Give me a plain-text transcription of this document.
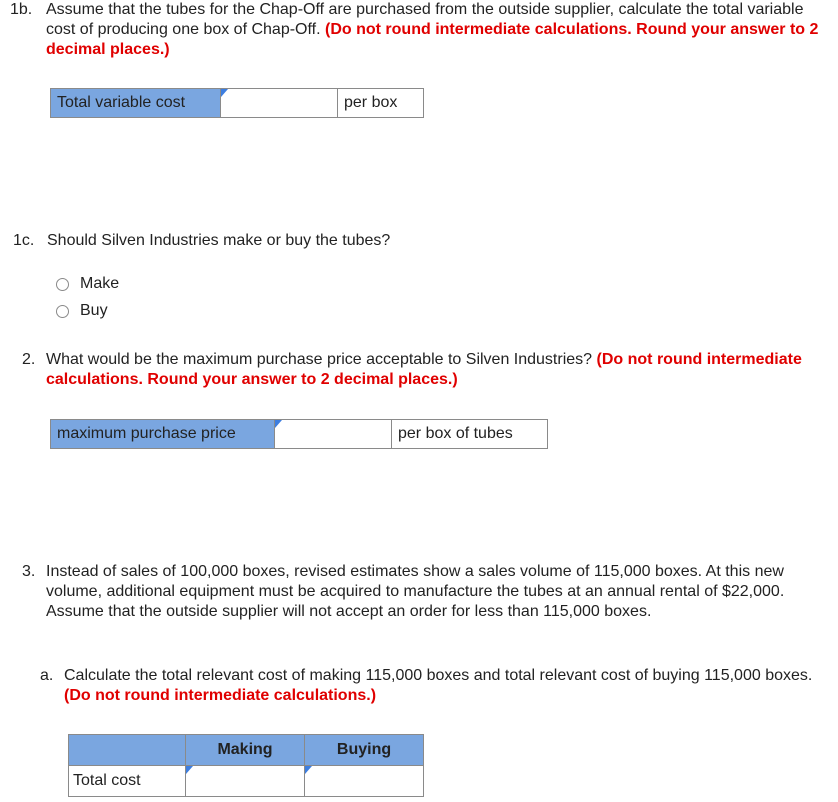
1b. Assume that the tubes for the Chap-Off are purchased from the outside supplier, calculate the total variable cost of producing one box of Chap-Off. (Do not round intermediate calculations. Round your answer to 2 decimal places.)
Total variable cost		per box
1c. Should Silven Industries make or buy the tubes?
Make
Buy
2. What would be the maximum purchase price acceptable to Silven Industries? (Do not round intermediate calculations. Round your answer to 2 decimal places.)
maximum purchase price		per box of tubes
3. Instead of sales of 100,000 boxes, revised estimates show a sales volume of 115,000 boxes. At this new volume, additional equipment must be acquired to manufacture the tubes at an annual rental of $22,000. Assume that the outside supplier will not accept an order for less than 115,000 boxes.
a. Calculate the total relevant cost of making 115,000 boxes and total relevant cost of buying 115,000 boxes. (Do not round intermediate calculations.)
	Making	Buying
Total cost	
